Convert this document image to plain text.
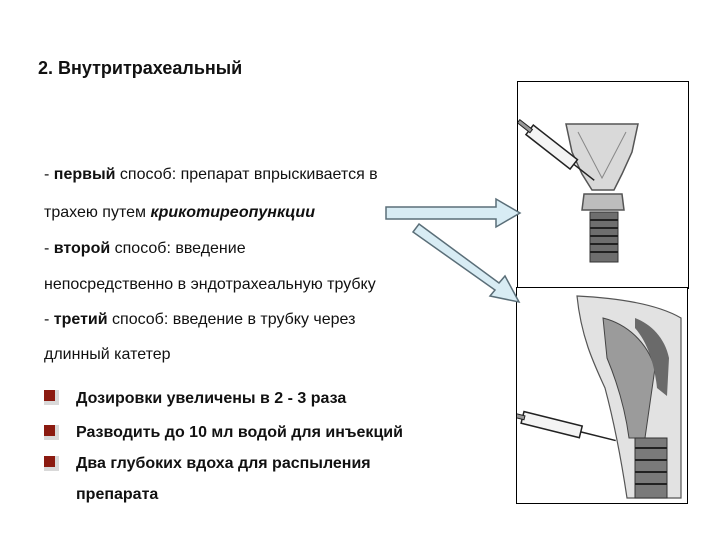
2. Внутритрахеальный
- первый способ: препарат впрыскивается в
трахею путем крикотиреопункции
- второй способ: введение
непосредственно в эндотрахеальную трубку
- третий способ: введение в трубку через
длинный катетер
Дозировки увеличены в 2 - 3 раза
Разводить до 10 мл водой для инъекций
Два глубоких вдоха для распыления
препарата
